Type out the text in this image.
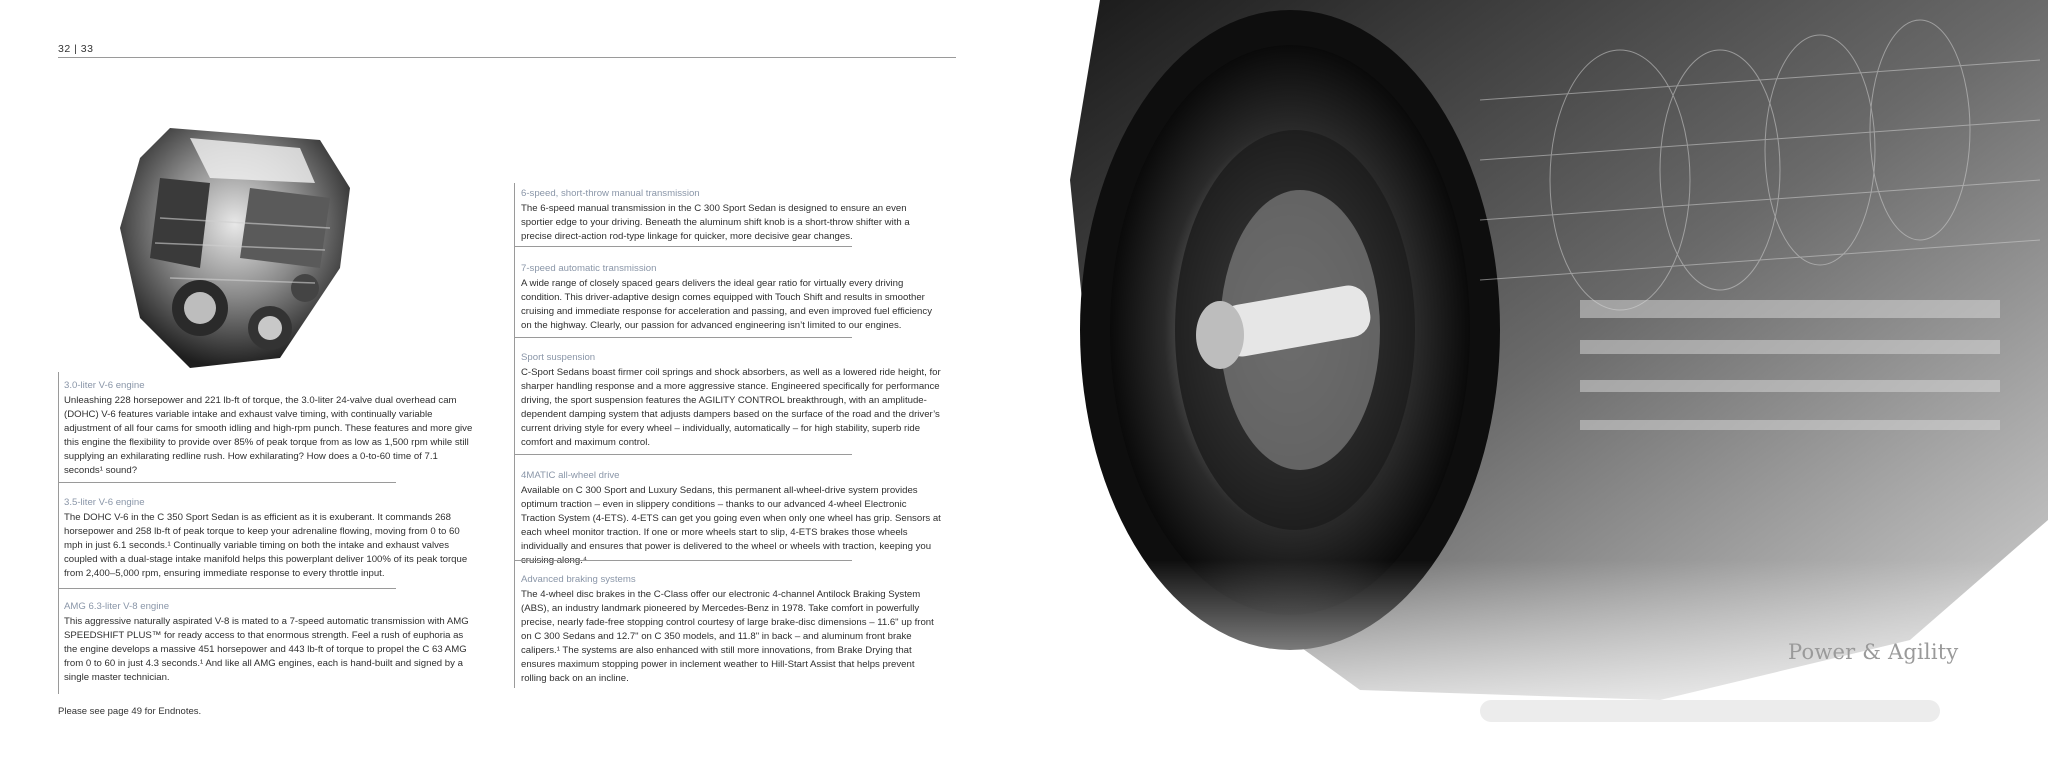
32 | 33
3.0-liter V-6 engine

Unleashing 228 horsepower and 221 lb-ft of torque, the 3.0-liter 24-valve dual overhead cam (DOHC) V-6 features variable intake and exhaust valve timing, with continually variable adjustment of all four cams for smooth idling and high-rpm punch. These features and more give this engine the flexibility to provide over 85% of peak torque from as low as 1,500 rpm while still supplying an exhilarating redline rush. How exhilarating? How does a 0-to-60 time of 7.1 seconds¹ sound?

3.5-liter V-6 engine

The DOHC V-6 in the C 350 Sport Sedan is as efficient as it is exuberant. It commands 268 horsepower and 258 lb-ft of peak torque to keep your adrenaline flowing, moving from 0 to 60 mph in just 6.1 seconds.¹ Continually variable timing on both the intake and exhaust valves coupled with a dual-stage intake manifold helps this powerplant deliver 100% of its peak torque from 2,400–5,000 rpm, ensuring immediate response to every throttle input.

AMG 6.3-liter V-8 engine

This aggressive naturally aspirated V-8 is mated to a 7-speed automatic transmission with AMG SPEEDSHIFT PLUS™ for ready access to that enormous strength. Feel a rush of euphoria as the engine develops a massive 451 horsepower and 443 lb-ft of torque to propel the C 63 AMG from 0 to 60 in just 4.3 seconds.¹ And like all AMG engines, each is hand-built and signed by a single master technician.

6-speed, short-throw manual transmission

The 6-speed manual transmission in the C 300 Sport Sedan is designed to ensure an even sportier edge to your driving. Beneath the aluminum shift knob is a short-throw shifter with a precise direct-action rod-type linkage for quicker, more decisive gear changes.

7-speed automatic transmission

A wide range of closely spaced gears delivers the ideal gear ratio for virtually every driving condition. This driver-adaptive design comes equipped with Touch Shift and results in smoother cruising and immediate response for acceleration and passing, and even improved fuel efficiency on the highway. Clearly, our passion for advanced engineering isn’t limited to our engines.

Sport suspension

C-Sport Sedans boast firmer coil springs and shock absorbers, as well as a lowered ride height, for sharper handling response and a more aggressive stance. Engineered specifically for performance driving, the sport suspension features the AGILITY CONTROL breakthrough, with an amplitude-dependent damping system that adjusts dampers based on the surface of the road and the driver’s current driving style for every wheel – individually, automatically – for high stability, superb ride comfort and maximum control.

4MATIC all-wheel drive

Available on C 300 Sport and Luxury Sedans, this permanent all-wheel-drive system provides optimum traction – even in slippery conditions – thanks to our advanced 4-wheel Electronic Traction System (4-ETS). 4-ETS can get you going even when only one wheel has grip. Sensors at each wheel monitor traction. If one or more wheels start to slip, 4-ETS brakes those wheels individually and ensures that power is delivered to the wheel or wheels with traction, keeping you

Advanced braking systems

The 4-wheel disc brakes in the C-Class offer our electronic 4-channel Antilock Braking System (ABS), an industry landmark pioneered by Mercedes-Benz in 1978. Take comfort in powerfully precise, nearly fade-free stopping control courtesy of large brake-disc dimensions – 11.6" up front on C 300 Sedans and 12.7" on C 350 models, and 11.8" in back – and aluminum front brake calipers.¹ The systems are also enhanced with still more innovations, from Brake Drying that ensures maximum stopping power in inclement weather to Hill-Start Assist that helps prevent rolling back on an incline.

Please see page 49 for Endnotes.
Power & Agility
